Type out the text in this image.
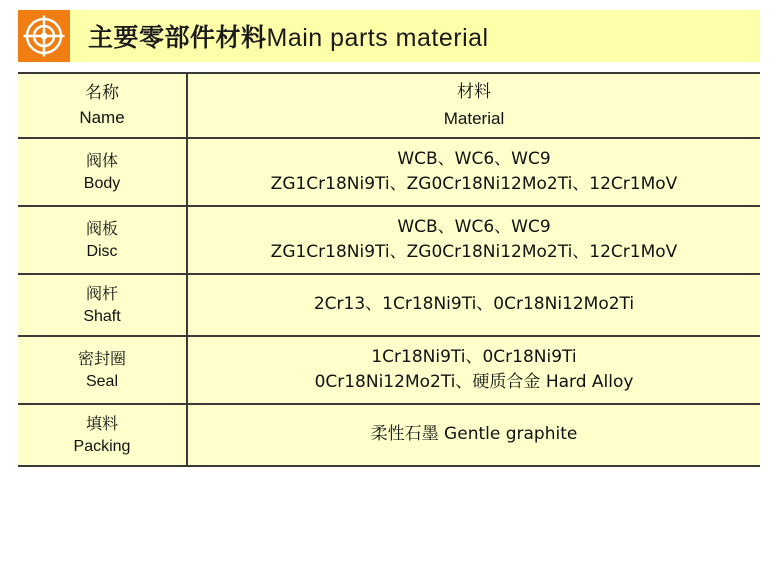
主要零部件材料Main parts material
名称
Name	材料
Material

阀体
Body	WCB、WC6、WC9
ZG1Cr18Ni9Ti、ZG0Cr18Ni12Mo2Ti、12Cr1MoV

阀板
Disc	WCB、WC6、WC9
ZG1Cr18Ni9Ti、ZG0Cr18Ni12Mo2Ti、12Cr1MoV

阀杆
Shaft	2Cr13、1Cr18Ni9Ti、0Cr18Ni12Mo2Ti

密封圈
Seal	1Cr18Ni9Ti、0Cr18Ni9Ti
0Cr18Ni12Mo2Ti、硬质合金 Hard Alloy

填料
Packing	柔性石墨 Gentle graphite
